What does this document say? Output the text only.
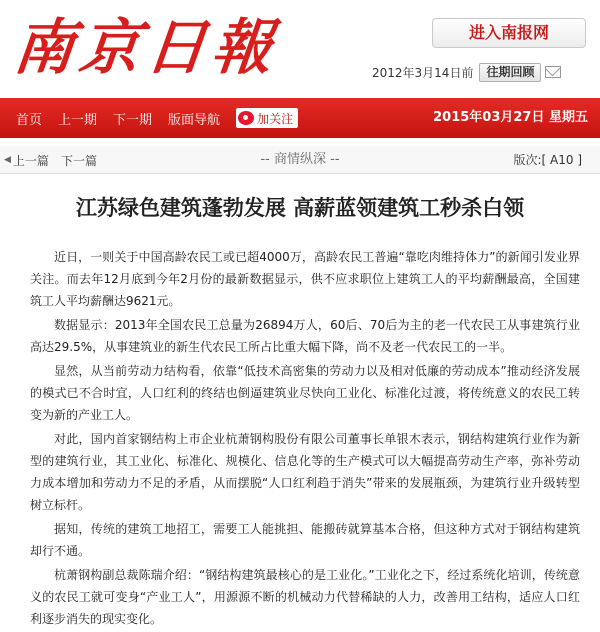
南京日報	进入南报网
2012年3月14日前	往期回顾
首页 上一期 下一期 版面导航	加关注	2015年03月27日 星期五
-- 商情纵深 --
◀ 上一篇 下一篇	版次:[ A10 ]
江苏绿色建筑蓬勃发展 高薪蓝领建筑工秒杀白领

近日，一则关于中国高龄农民工或已超4000万，高龄农民工普遍“靠吃肉维持体力”的新闻引发业界关注。而去年12月底到今年2月份的最新数据显示，供不应求职位上建筑工人的平均薪酬最高，全国建筑工人平均薪酬达9621元。

数据显示：2013年全国农民工总量为26894万人，60后、70后为主的老一代农民工从事建筑行业高达29.5%，从事建筑业的新生代农民工所占比重大幅下降，尚不及老一代农民工的一半。

显然，从当前劳动力结构看，依靠“低技术高密集的劳动力以及相对低廉的劳动成本”推动经济发展的模式已不合时宜，人口红利的终结也倒逼建筑业尽快向工业化、标准化过渡，将传统意义的农民工转变为新的产业工人。

对此，国内首家钢结构上市企业杭萧钢构股份有限公司董事长单银木表示，钢结构建筑行业作为新型的建筑行业，其工业化、标准化、规模化、信息化等的生产模式可以大幅提高劳动生产率，弥补劳动力成本增加和劳动力不足的矛盾，从而摆脱“人口红利趋于消失”带来的发展瓶颈，为建筑行业升级转型树立标杆。

据知，传统的建筑工地招工，需要工人能挑担、能搬砖就算基本合格，但这种方式对于钢结构建筑却行不通。

杭萧钢构副总裁陈瑞介绍：“钢结构建筑最核心的是工业化。”工业化之下，经过系统化培训，传统意义的农民工就可变身“产业工人”，用源源不断的机械动力代替稀缺的人力，改善用工结构，适应人口红利逐步消失的现实变化。
